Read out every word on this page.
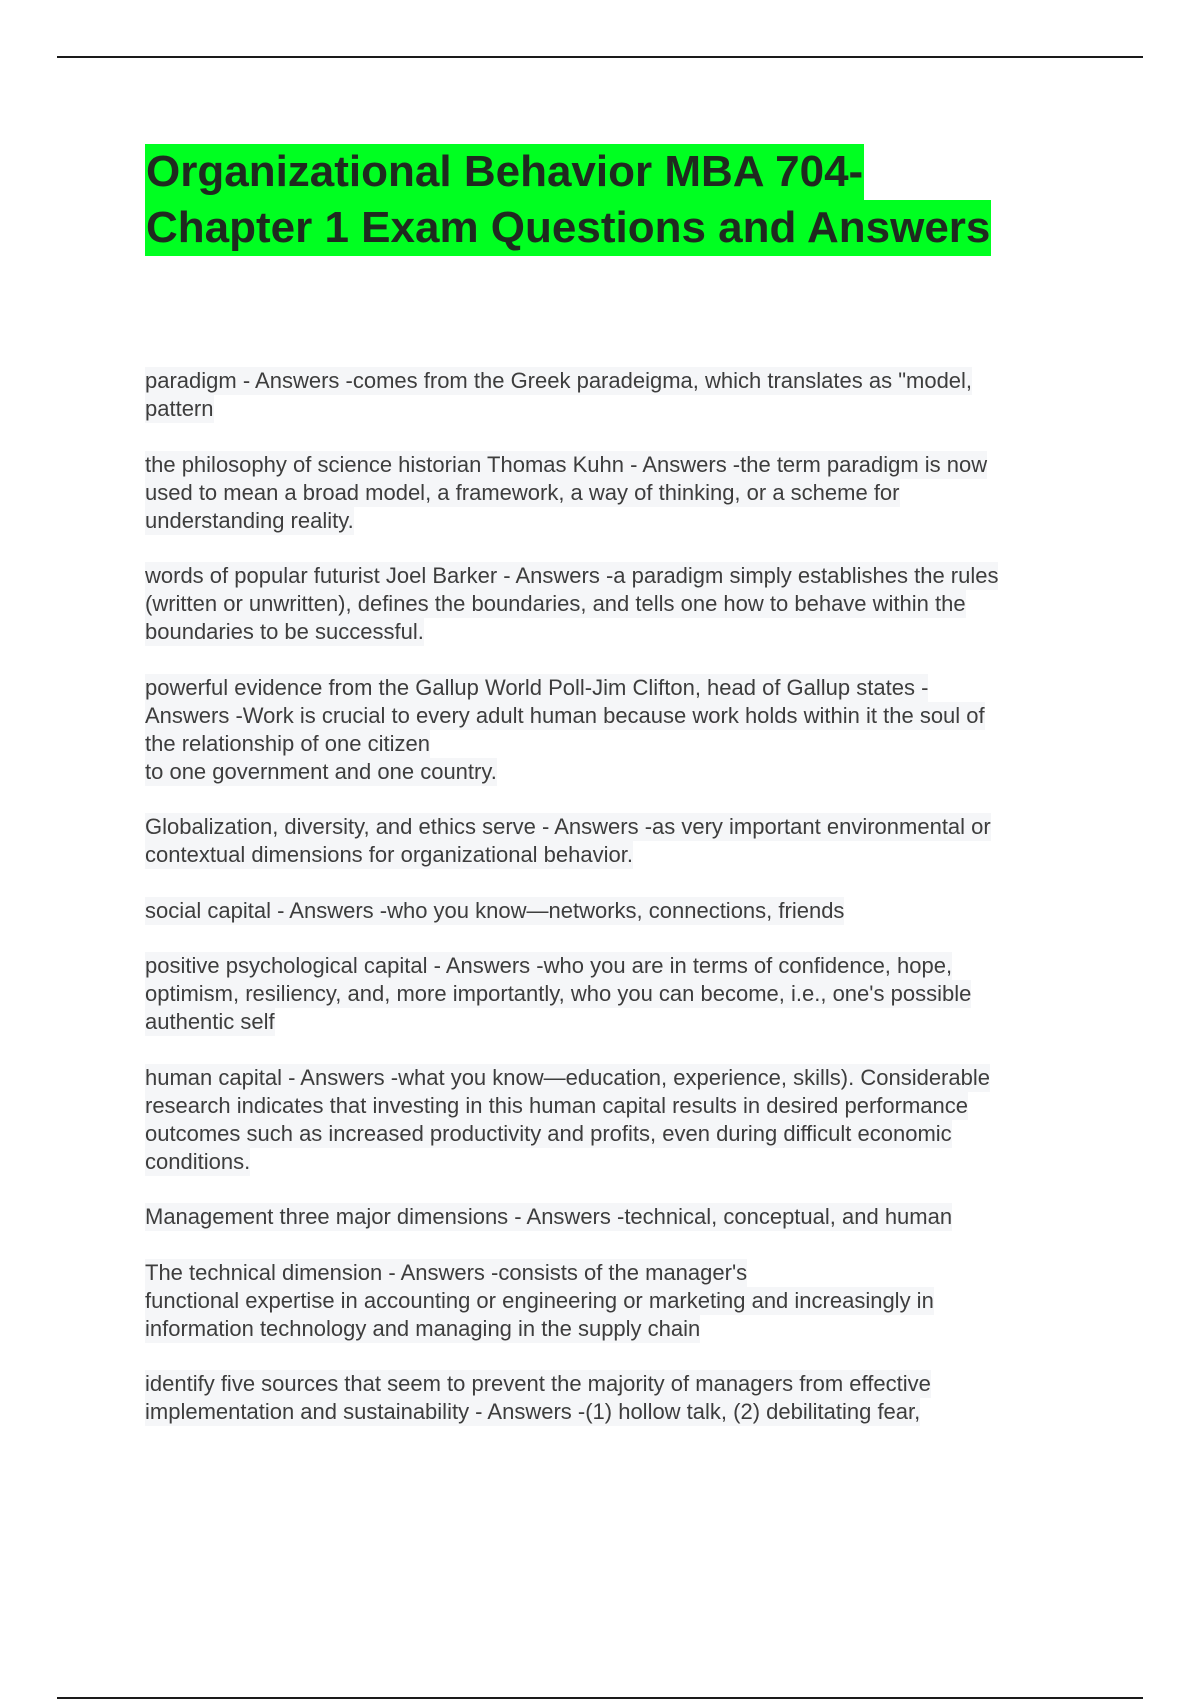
Organizational Behavior MBA 704-
Chapter 1 Exam Questions and Answers

paradigm - Answers -comes from the Greek paradeigma, which translates as "model,
pattern

the philosophy of science historian Thomas Kuhn - Answers -the term paradigm is now
used to mean a broad model, a framework, a way of thinking, or a scheme for
understanding reality.

words of popular futurist Joel Barker - Answers -a paradigm simply establishes the rules
(written or unwritten), defines the boundaries, and tells one how to behave within the
boundaries to be successful.

powerful evidence from the Gallup World Poll-Jim Clifton, head of Gallup states -
Answers -Work is crucial to every adult human because work holds within it the soul of
the relationship of one citizen
to one government and one country.

Globalization, diversity, and ethics serve - Answers -as very important environmental or
contextual dimensions for organizational behavior.

social capital - Answers -who you know—networks, connections, friends

positive psychological capital - Answers -who you are in terms of confidence, hope,
optimism, resiliency, and, more importantly, who you can become, i.e., one's possible
authentic self

human capital - Answers -what you know—education, experience, skills). Considerable
research indicates that investing in this human capital results in desired performance
outcomes such as increased productivity and profits, even during difficult economic
conditions.

Management three major dimensions - Answers -technical, conceptual, and human

The technical dimension - Answers -consists of the manager's
functional expertise in accounting or engineering or marketing and increasingly in
information technology and managing in the supply chain

identify five sources that seem to prevent the majority of managers from effective
implementation and sustainability - Answers -(1) hollow talk, (2) debilitating fear,
